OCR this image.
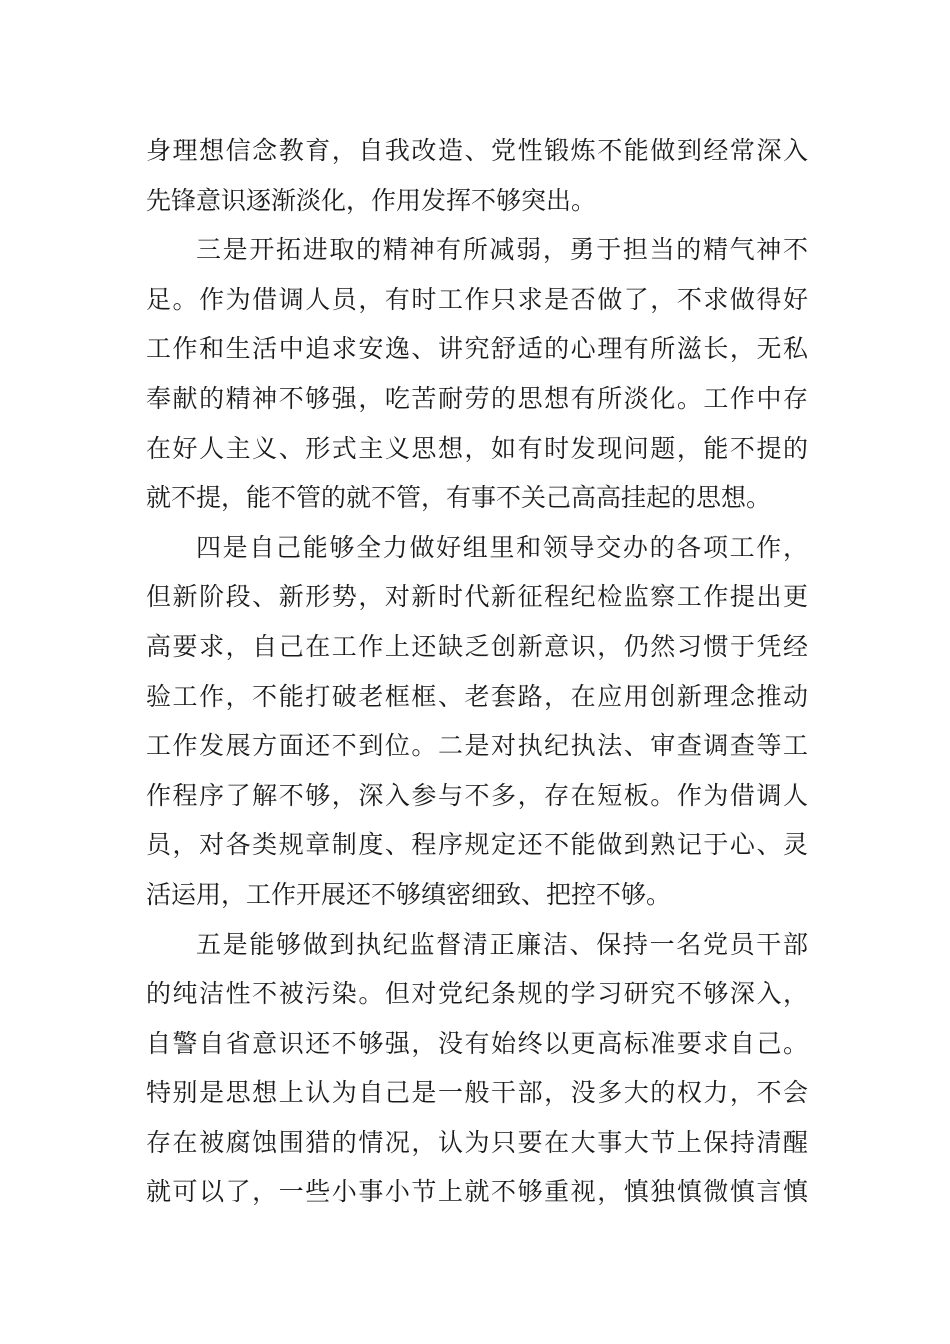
身理想信念教育，自我改造、党性锻炼不能做到经常深入
先锋意识逐渐淡化，作用发挥不够突出。
三是开拓进取的精神有所减弱，勇于担当的精气神不
足。作为借调人员，有时工作只求是否做了，不求做得好
工作和生活中追求安逸、讲究舒适的心理有所滋长，无私
奉献的精神不够强，吃苦耐劳的思想有所淡化。工作中存
在好人主义、形式主义思想，如有时发现问题，能不提的
就不提，能不管的就不管，有事不关己高高挂起的思想。
四是自己能够全力做好组里和领导交办的各项工作，
但新阶段、新形势，对新时代新征程纪检监察工作提出更
高要求，自己在工作上还缺乏创新意识，仍然习惯于凭经
验工作，不能打破老框框、老套路，在应用创新理念推动
工作发展方面还不到位。二是对执纪执法、审查调查等工
作程序了解不够，深入参与不多，存在短板。作为借调人
员，对各类规章制度、程序规定还不能做到熟记于心、灵
活运用，工作开展还不够缜密细致、把控不够。
五是能够做到执纪监督清正廉洁、保持一名党员干部
的纯洁性不被污染。但对党纪条规的学习研究不够深入，
自警自省意识还不够强，没有始终以更高标准要求自己。
特别是思想上认为自己是一般干部，没多大的权力，不会
存在被腐蚀围猎的情况，认为只要在大事大节上保持清醒
就可以了，一些小事小节上就不够重视，慎独慎微慎言慎
